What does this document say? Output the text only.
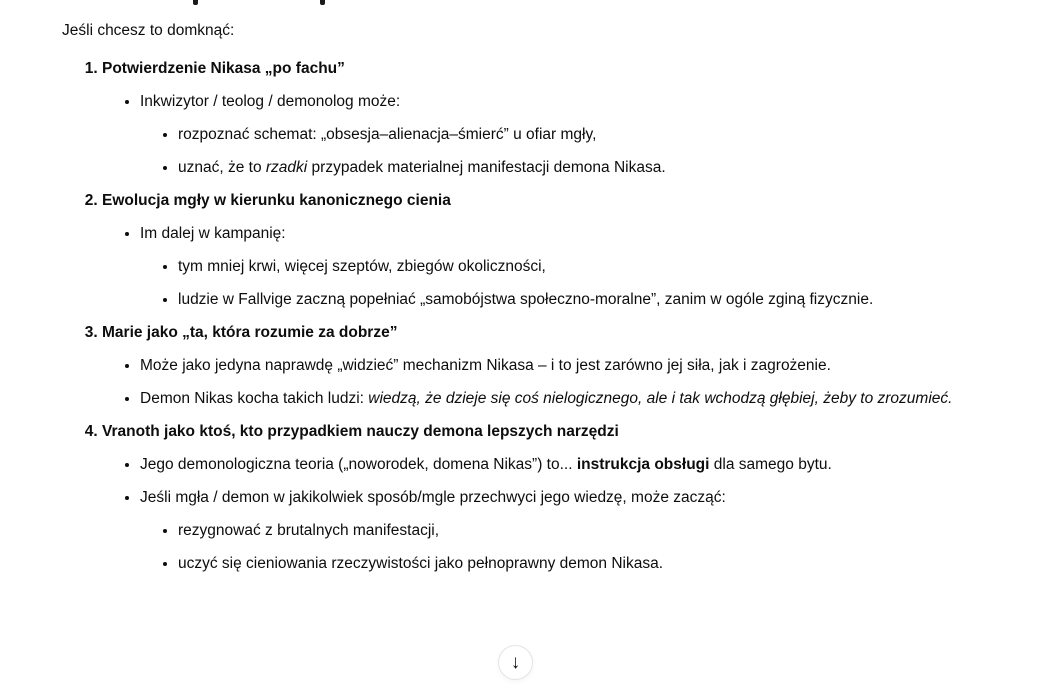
Jeśli chcesz to domknąć:

1. Potwierdzenie Nikasa „po fachu”
• Inkwizytor / teolog / demonolog może:
• rozpoznać schemat: „obsesja–alienacja–śmierć” u ofiar mgły,
• uznać, że to rzadki przypadek materialnej manifestacji demona Nikasa.
2. Ewolucja mgły w kierunku kanonicznego cienia
• Im dalej w kampanię:
• tym mniej krwi, więcej szeptów, zbiegów okoliczności,
• ludzie w Fallvige zaczną popełniać „samobójstwa społeczno-moralne”, zanim w ogóle zginą fizycznie.
3. Marie jako „ta, która rozumie za dobrze”
• Może jako jedyna naprawdę „widzieć” mechanizm Nikasa – i to jest zarówno jej siła, jak i zagrożenie.
• Demon Nikas kocha takich ludzi: wiedzą, że dzieje się coś nielogicznego, ale i tak wchodzą głębiej, żeby to zrozumieć.
4. Vranoth jako ktoś, kto przypadkiem nauczy demona lepszych narzędzi
• Jego demonologiczna teoria („noworodek, domena Nikas”) to... instrukcja obsługi dla samego bytu.
• Jeśli mgła / demon w jakikolwiek sposób/mgle przechwyci jego wiedzę, może zacząć:
• rezygnować z brutalnych manifestacji,
• uczyć się cieniowania rzeczywistości jako pełnoprawny demon Nikasa.
↓
